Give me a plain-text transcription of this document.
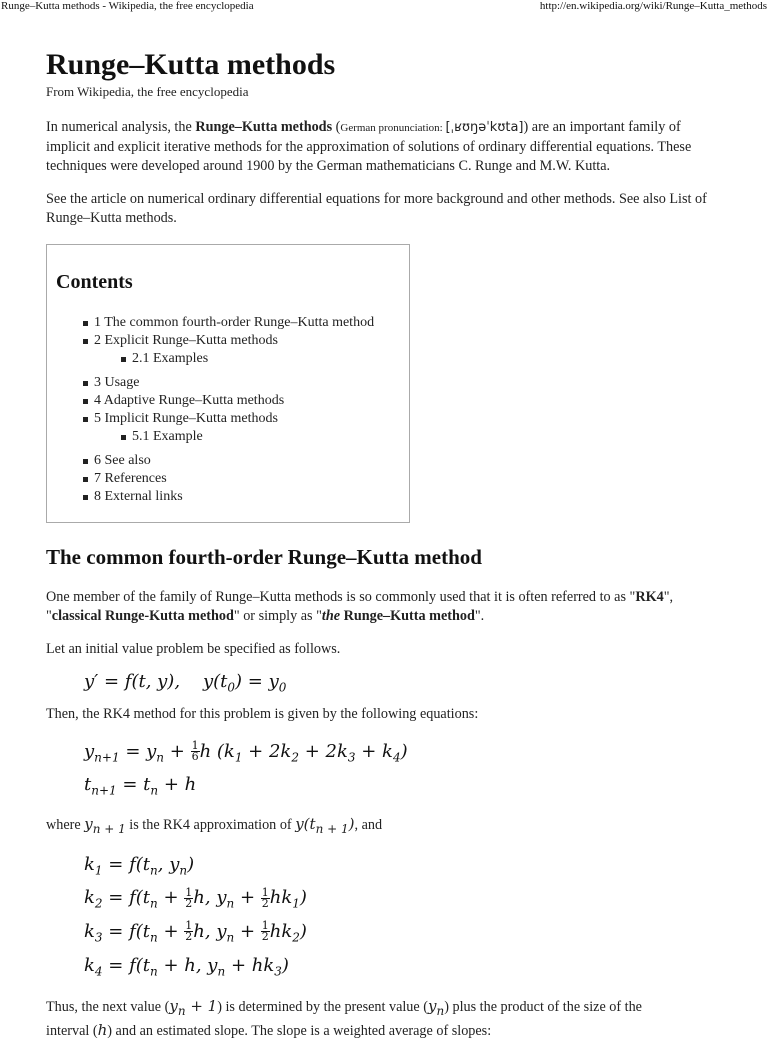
Runge–Kutta methods - Wikipedia, the free encyclopedia	http://en.wikipedia.org/wiki/Runge–Kutta_methods
Runge–Kutta methods
From Wikipedia, the free encyclopedia

In numerical analysis, the Runge–Kutta methods (German pronunciation: [ˌʁʊŋəˈkʊta]) are an important family of implicit and explicit iterative methods for the approximation of solutions of ordinary differential equations. These techniques were developed around 1900 by the German mathematicians C. Runge and M.W. Kutta.

See the article on numerical ordinary differential equations for more background and other methods. See also List of Runge–Kutta methods.

Contents
1 The common fourth-order Runge–Kutta method
2 Explicit Runge–Kutta methods
2.1 Examples
3 Usage
4 Adaptive Runge–Kutta methods
5 Implicit Runge–Kutta methods
5.1 Example
6 See also
7 References
8 External links
The common fourth-order Runge–Kutta method

One member of the family of Runge–Kutta methods is so commonly used that it is often referred to as "RK4", "classical Runge-Kutta method" or simply as "the Runge–Kutta method".

Let an initial value problem be specified as follows.

y′ = f(t, y),    $y(t_0) = y_0$

Then, the RK4 method for this problem is given by the following equations:

$y_{n+1} = y_n + \frac{1}{6}$ h $(k_1 + 2k_2 + 2k_3 + k_4)$
$t_{n+1} = t_n + h$

where $y_{n + 1}$ is the RK4 approximation of $y(t_{n + 1})$, and

$k_1 = f(t_n$, $y_n$)
$k_2 = f(t_n + \frac{1}{2} h$, $y_n + \frac{1}{2} hk_1$)
$k_3 = f(t_n + \frac{1}{2} h$, $y_n + \frac{1}{2} hk_2$)
$k_4 = f(t_n + h$, $y_n + hk_3$)

Thus, the next value $(y_n + 1)$ is determined by the present value $(y_n)$ plus the product of the size of the
interval (h) and an estimated slope. The slope is a weighted average of slopes:
